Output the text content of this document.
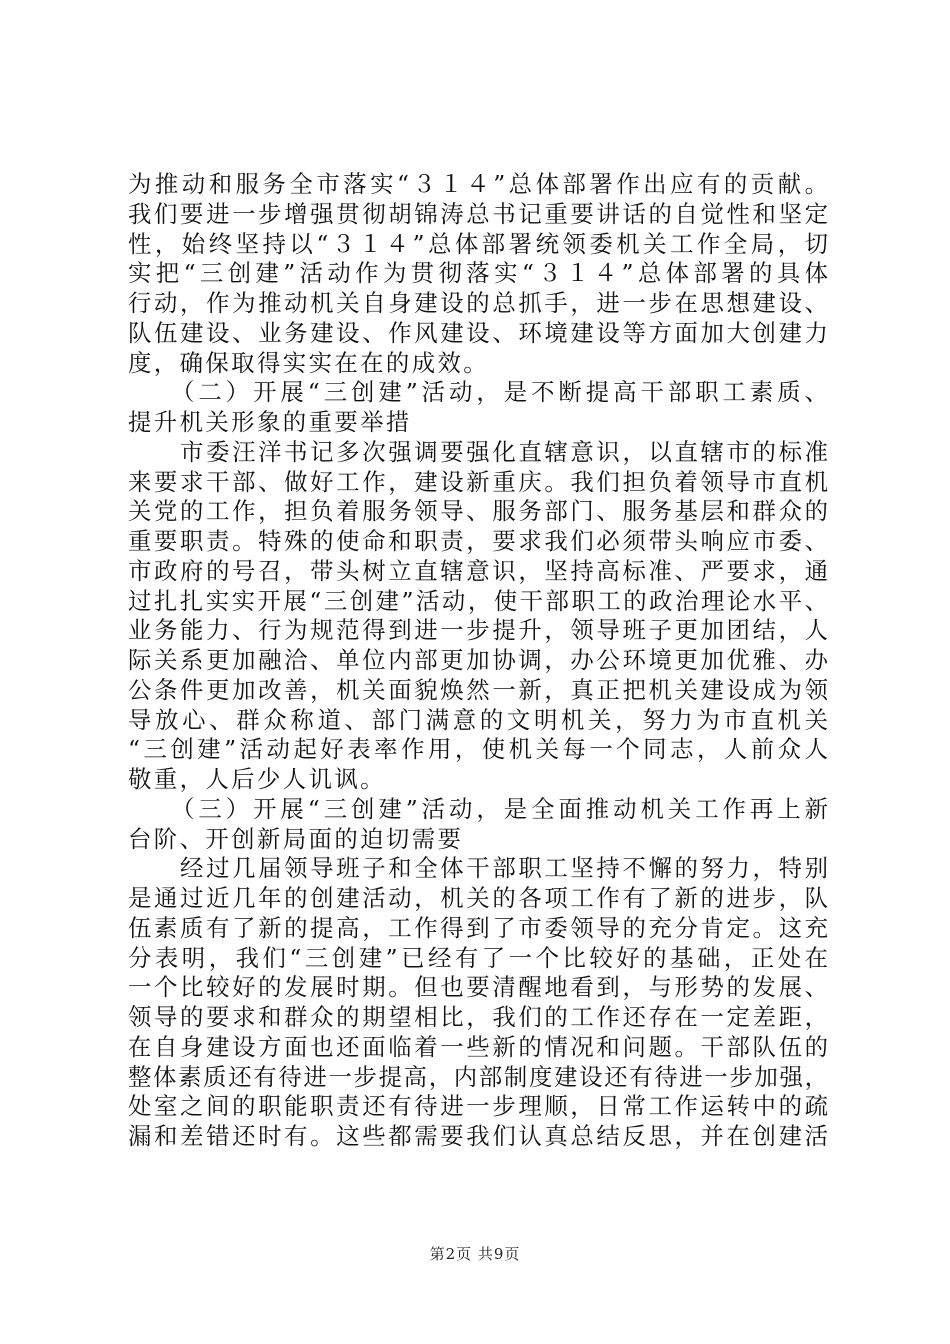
为推动和服务全市落实“３１４”总体部署作出应有的贡献。
我们要进一步增强贯彻胡锦涛总书记重要讲话的自觉性和坚定
性，始终坚持以“３１４”总体部署统领委机关工作全局，切
实把“三创建”活动作为贯彻落实“３１４”总体部署的具体
行动，作为推动机关自身建设的总抓手，进一步在思想建设、
队伍建设、业务建设、作风建设、环境建设等方面加大创建力
度，确保取得实实在在的成效。
　　（二）开展“三创建”活动，是不断提高干部职工素质、
提升机关形象的重要举措
　　市委汪洋书记多次强调要强化直辖意识，以直辖市的标准
来要求干部、做好工作，建设新重庆。我们担负着领导市直机
关党的工作，担负着服务领导、服务部门、服务基层和群众的
重要职责。特殊的使命和职责，要求我们必须带头响应市委、
市政府的号召，带头树立直辖意识，坚持高标准、严要求，通
过扎扎实实开展“三创建”活动，使干部职工的政治理论水平、
业务能力、行为规范得到进一步提升，领导班子更加团结，人
际关系更加融洽、单位内部更加协调，办公环境更加优雅、办
公条件更加改善，机关面貌焕然一新，真正把机关建设成为领
导放心、群众称道、部门满意的文明机关，努力为市直机关
“三创建”活动起好表率作用，使机关每一个同志，人前众人
敬重，人后少人讥讽。
　　（三）开展“三创建”活动，是全面推动机关工作再上新
台阶、开创新局面的迫切需要
　　经过几届领导班子和全体干部职工坚持不懈的努力，特别
是通过近几年的创建活动，机关的各项工作有了新的进步，队
伍素质有了新的提高，工作得到了市委领导的充分肯定。这充
分表明，我们“三创建”已经有了一个比较好的基础，正处在
一个比较好的发展时期。但也要清醒地看到，与形势的发展、
领导的要求和群众的期望相比，我们的工作还存在一定差距，
在自身建设方面也还面临着一些新的情况和问题。干部队伍的
整体素质还有待进一步提高，内部制度建设还有待进一步加强，
处室之间的职能职责还有待进一步理顺，日常工作运转中的疏
漏和差错还时有。这些都需要我们认真总结反思，并在创建活
第2页 共9页
